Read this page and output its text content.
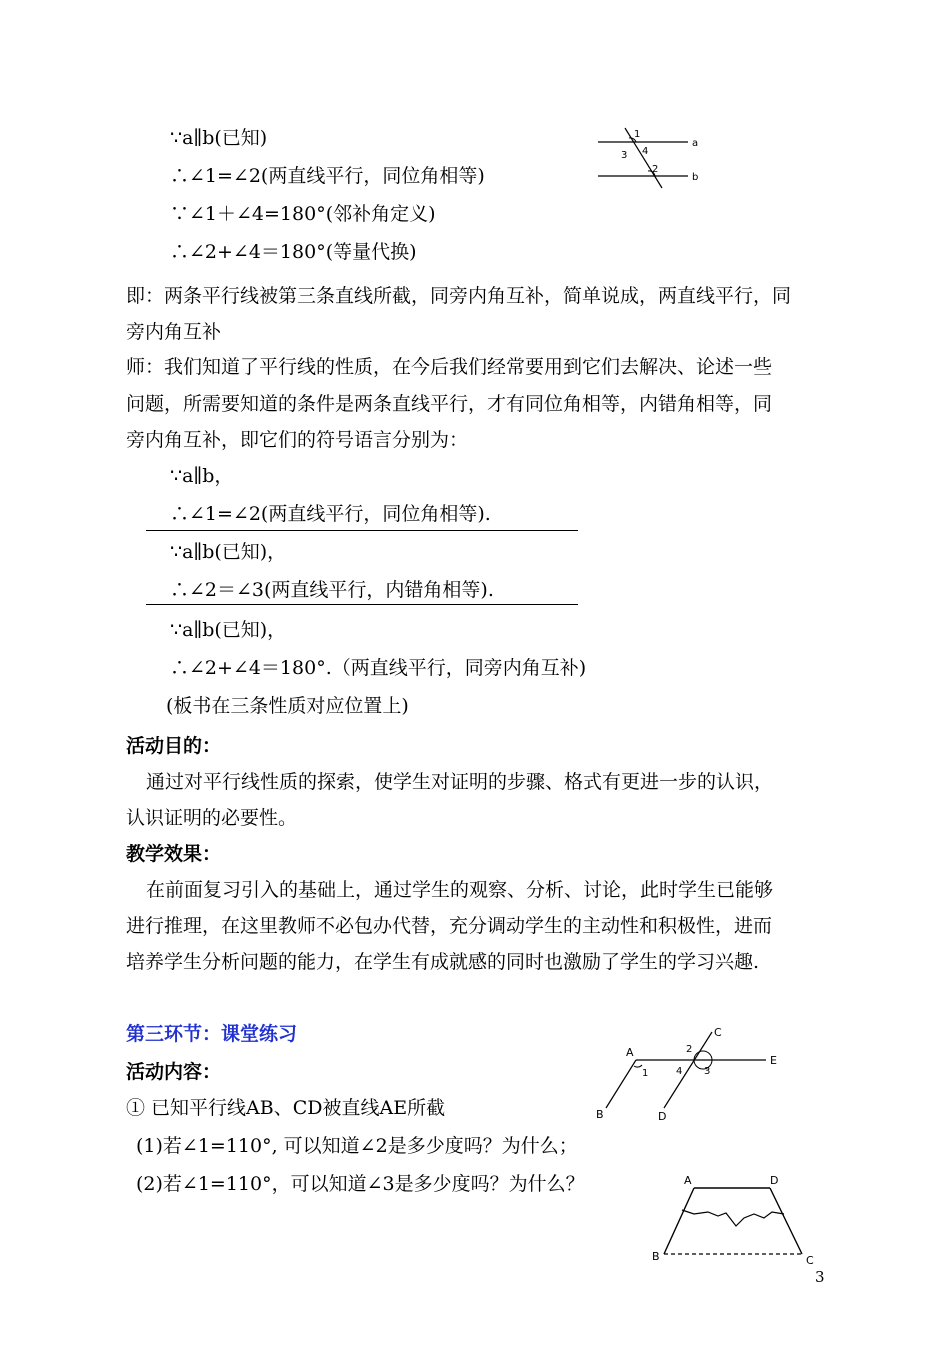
∵a∥b(已知)
∴∠1=∠2(两直线平行，同位角相等)
∵∠1＋∠4=180°(邻补角定义)
∴∠2+∠4＝180°(等量代换)
1
3 4
2
a
b
即：两条平行线被第三条直线所截，同旁内角互补，简单说成，两直线平行，同
旁内角互补
师：我们知道了平行线的性质，在今后我们经常要用到它们去解决、论述一些
问题，所需要知道的条件是两条直线平行，才有同位角相等，内错角相等，同
旁内角互补，即它们的符号语言分别为：
∵a∥b，
∴∠1=∠2(两直线平行，同位角相等).
∵a∥b(已知)，
∴∠2＝∠3(两直线平行，内错角相等).
∵a∥b(已知)，
∴∠2+∠4＝180°.（两直线平行，同旁内角互补)
(板书在三条性质对应位置上)
活动目的：
通过对平行线性质的探索，使学生对证明的步骤、格式有更进一步的认识，
认识证明的必要性。
教学效果：
在前面复习引入的基础上，通过学生的观察、分析、讨论，此时学生已能够
进行推理，在这里教师不必包办代替，充分调动学生的主动性和积极性，进而
培养学生分析问题的能力，在学生有成就感的同时也激励了学生的学习兴趣.
第三环节：课堂练习
活动内容：
① 已知平行线AB、CD被直线AE所截
(1)若∠1=110°, 可以知道∠2是多少度吗？为什么；
(2)若∠1=110°，可以知道∠3是多少度吗？为什么？
A
1
2
C
4 3
E
B	D
A	D
B	C
3
